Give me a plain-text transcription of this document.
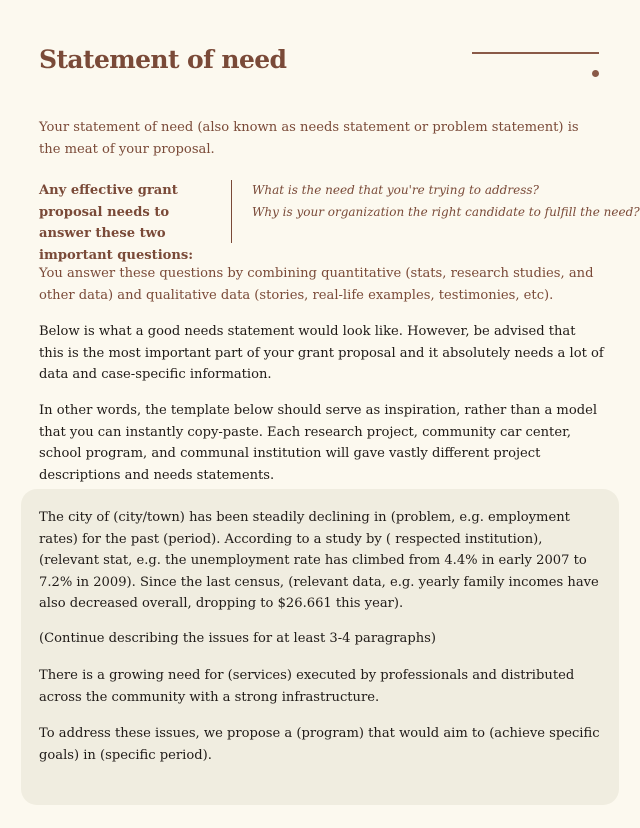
Statement of need

Your statement of need (also known as needs statement or problem statement) is the meat of your proposal.

Any effective grant proposal needs to answer these two important questions:

What is the need that you're trying to address?
Why is your organization the right candidate to fulfill the need?

You answer these questions by combining quantitative (stats, research studies, and other data) and qualitative data (stories, real-life examples, testimonies, etc).

Below is what a good needs statement would look like. However, be advised that this is the most important part of your grant proposal and it absolutely needs a lot of data and case-specific information.

In other words, the template below should serve as inspiration, rather than a model that you can instantly copy-paste. Each research project, community car center, school program, and communal institution will gave vastly different project descriptions and needs statements.

The city of (city/town) has been steadily declining in (problem, e.g. employment rates) for the past (period). According to a study by ( respected institution), (relevant stat, e.g. the unemployment rate has climbed from 4.4% in early 2007 to 7.2% in 2009). Since the last census, (relevant data, e.g. yearly family incomes have also decreased overall, dropping to $26.661 this year).

(Continue describing the issues for at least 3-4 paragraphs)

There is a growing need for (services) executed by professionals and distributed across the community with a strong infrastructure.

To address these issues, we propose a (program) that would aim to (achieve specific goals) in (specific period).
